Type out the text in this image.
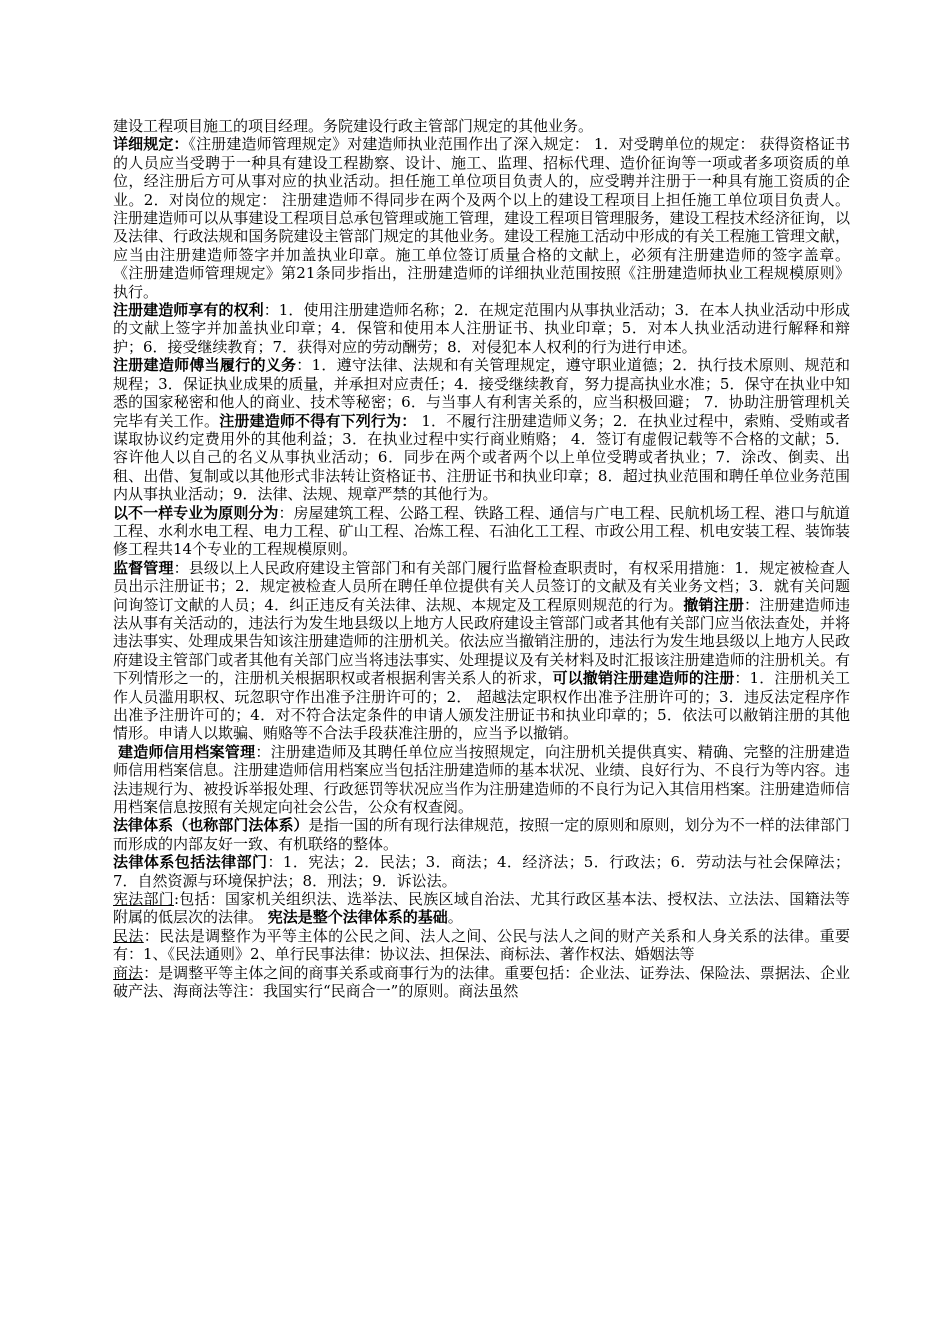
建设工程项目施工的项目经理。务院建设行政主管部门规定的其他业务。

详细规定：《注册建造师管理规定》对建造师执业范围作出了深入规定： 1．对受聘单位的规定： 获得资格证书的人员应当受聘于一种具有建设工程勘察、设计、施工、监理、招标代理、造价征询等一项或者多项资质的单位，经注册后方可从事对应的执业活动。担任施工单位项目负责人的，应受聘并注册于一种具有施工资质的企业。2．对岗位的规定： 注册建造师不得同步在两个及两个以上的建设工程项目上担任施工单位项目负责人。 注册建造师可以从事建设工程项目总承包管理或施工管理，建设工程项目管理服务，建设工程技术经济征询，以及法律、行政法规和国务院建设主管部门规定的其他业务。建设工程施工活动中形成的有关工程施工管理文献，应当由注册建造师签字并加盖执业印章。施工单位签订质量合格的文献上，必须有注册建造师的签字盖章。 《注册建造师管理规定》第21条同步指出，注册建造师的详细执业范围按照《注册建造师执业工程规模原则》执行。

注册建造师享有的权利：1．使用注册建造师名称；2．在规定范围内从事执业活动；3．在本人执业活动中形成的文献上签字并加盖执业印章；4．保管和使用本人注册证书、执业印章；5．对本人执业活动进行解释和辩护；6．接受继续教育；7．获得对应的劳动酬劳；8．对侵犯本人权利的行为进行申述。

注册建造师傅当履行的义务：1．遵守法律、法规和有关管理规定，遵守职业道德；2．执行技术原则、规范和规程；3．保证执业成果的质量，并承担对应责任；4．接受继续教育，努力提高执业水准；5．保守在执业中知悉的国家秘密和他人的商业、技术等秘密；6．与当事人有利害关系的，应当积极回避； 7．协助注册管理机关完毕有关工作。注册建造师不得有下列行为： 1．不履行注册建造师义务；2．在执业过程中，索贿、受贿或者谋取协议约定费用外的其他利益；3．在执业过程中实行商业贿赂； 4．签订有虚假记载等不合格的文献；5．容许他人以自己的名义从事执业活动；6．同步在两个或者两个以上单位受聘或者执业；7．涂改、倒卖、出租、出借、复制或以其他形式非法转让资格证书、注册证书和执业印章；8．超过执业范围和聘任单位业务范围内从事执业活动；9．法律、法规、规章严禁的其他行为。

以不一样专业为原则分为：房屋建筑工程、公路工程、铁路工程、通信与广电工程、民航机场工程、港口与航道工程、水利水电工程、电力工程、矿山工程、冶炼工程、石油化工工程、市政公用工程、机电安装工程、装饰装修工程共14个专业的工程规模原则。

监督管理：县级以上人民政府建设主管部门和有关部门履行监督检查职责时，有权采用措施：1．规定被检查人员出示注册证书；2．规定被检查人员所在聘任单位提供有关人员签订的文献及有关业务文档；3．就有关问题问询签订文献的人员；4．纠正违反有关法律、法规、本规定及工程原则规范的行为。撤销注册：注册建造师违法从事有关活动的，违法行为发生地县级以上地方人民政府建设主管部门或者其他有关部门应当依法查处，并将违法事实、处理成果告知该注册建造师的注册机关。依法应当撤销注册的，违法行为发生地县级以上地方人民政府建设主管部门或者其他有关部门应当将违法事实、处理提议及有关材料及时汇报该注册建造师的注册机关。有下列情形之一的，注册机关根据职权或者根据利害关系人的祈求，可以撤销注册建造师的注册：1．注册机关工作人员滥用职权、玩忽职守作出准予注册许可的；2． 超越法定职权作出准予注册许可的；3．违反法定程序作出准予注册许可的；4．对不符合法定条件的申请人颁发注册证书和执业印章的；5．依法可以敝销注册的其他情形。申请人以欺骗、贿赂等不合法手段获准注册的，应当予以撤销。

建造师信用档案管理：注册建造师及其聘任单位应当按照规定，向注册机关提供真实、精确、完整的注册建造师信用档案信息。注册建造师信用档案应当包括注册建造师的基本状况、业绩、良好行为、不良行为等内容。违法违规行为、被投诉举报处理、行政惩罚等状况应当作为注册建造师的不良行为记入其信用档案。注册建造师信用档案信息按照有关规定向社会公告，公众有权查阅。

法律体系（也称部门法体系）是指一国的所有现行法律规范，按照一定的原则和原则，划分为不一样的法律部门而形成的内部友好一致、有机联络的整体。

法律体系包括法律部门：1．宪法；2．民法；3．商法；4．经济法；5．行政法；6．劳动法与社会保障法；7．自然资源与环境保护法；8．刑法；9．诉讼法。

宪法部门:包括：国家机关组织法、选举法、民族区域自治法、尤其行政区基本法、授权法、立法法、国籍法等附属的低层次的法律。 宪法是整个法律体系的基础。

民法：民法是调整作为平等主体的公民之间、法人之间、公民与法人之间的财产关系和人身关系的法律。重要有：1、《民法通则》2、单行民事法律：协议法、担保法、商标法、著作权法、婚姻法等

商法：是调整平等主体之间的商事关系或商事行为的法律。重要包括：企业法、证券法、保险法、票据法、企业破产法、海商法等注：我国实行“民商合一”的原则。商法虽然
